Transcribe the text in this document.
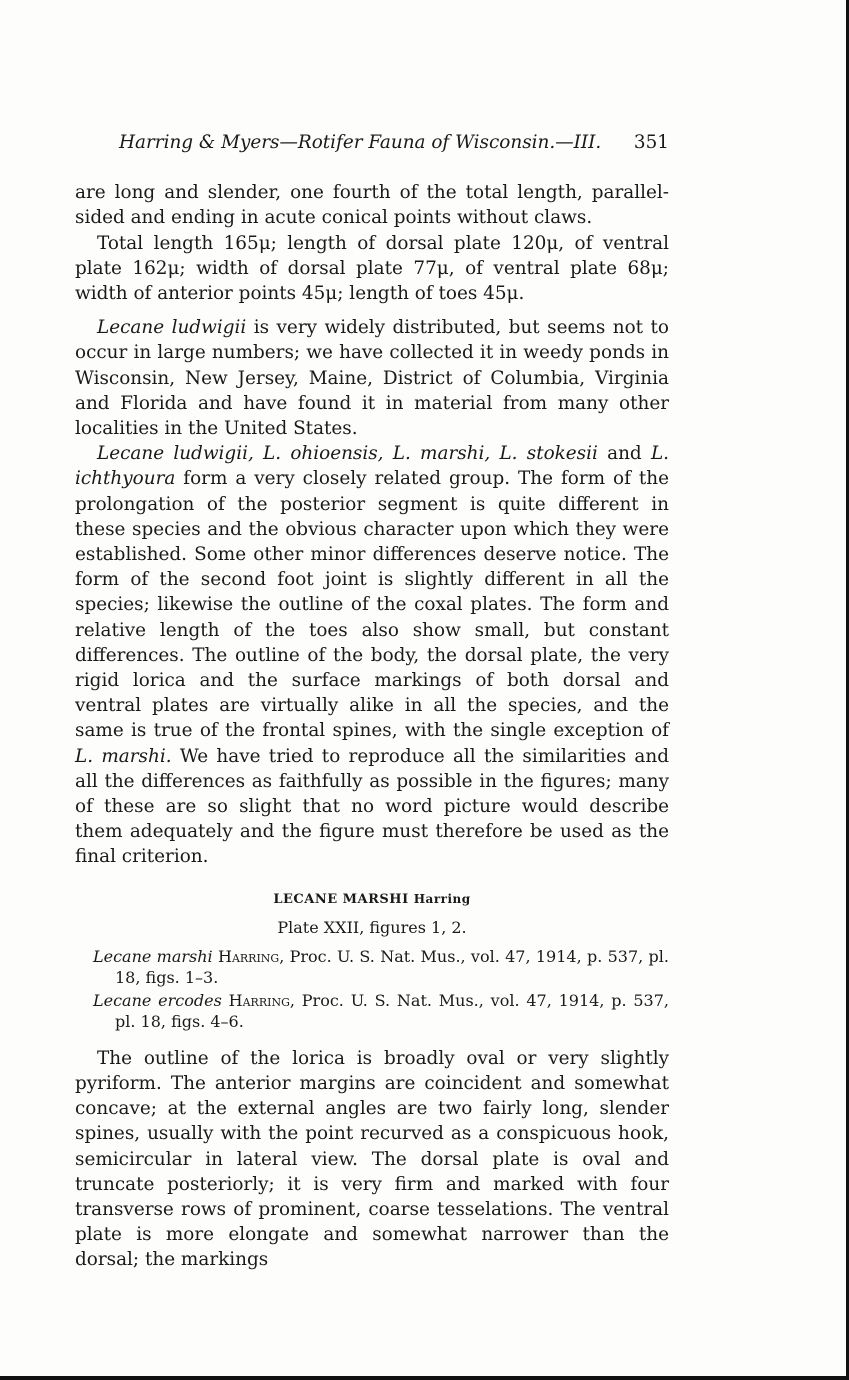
Harring & Myers—Rotifer Fauna of Wisconsin.—III. 351

are long and slender, one fourth of the total length, parallel-sided and ending in acute conical points without claws.

Total length 165μ; length of dorsal plate 120μ, of ventral plate 162μ; width of dorsal plate 77μ, of ventral plate 68μ; width of anterior points 45μ; length of toes 45μ.

Lecane ludwigii is very widely distributed, but seems not to occur in large numbers; we have collected it in weedy ponds in Wisconsin, New Jersey, Maine, District of Columbia, Virginia and Florida and have found it in material from many other localities in the United States.

Lecane ludwigii, L. ohioensis, L. marshi, L. stokesii and L. ichthyoura form a very closely related group. The form of the prolongation of the posterior segment is quite different in these species and the obvious character upon which they were established. Some other minor differences deserve notice. The form of the second foot joint is slightly different in all the species; likewise the outline of the coxal plates. The form and relative length of the toes also show small, but constant differences. The outline of the body, the dorsal plate, the very rigid lorica and the surface markings of both dorsal and ventral plates are virtually alike in all the species, and the same is true of the frontal spines, with the single exception of L. marshi. We have tried to reproduce all the similarities and all the differences as faithfully as possible in the figures; many of these are so slight that no word picture would describe them adequately and the figure must therefore be used as the final criterion.

LECANE MARSHI Harring
Plate XXII, figures 1, 2.

Lecane marshi Harring, Proc. U. S. Nat. Mus., vol. 47, 1914, p. 537, pl. 18, figs. 1–3.

Lecane ercodes Harring, Proc. U. S. Nat. Mus., vol. 47, 1914, p. 537, pl. 18, figs. 4–6.

The outline of the lorica is broadly oval or very slightly pyriform. The anterior margins are coincident and somewhat concave; at the external angles are two fairly long, slender spines, usually with the point recurved as a conspicuous hook, semicircular in lateral view. The dorsal plate is oval and truncate posteriorly; it is very firm and marked with four transverse rows of prominent, coarse tesselations. The ventral plate is more elongate and somewhat narrower than the dorsal; the markings
